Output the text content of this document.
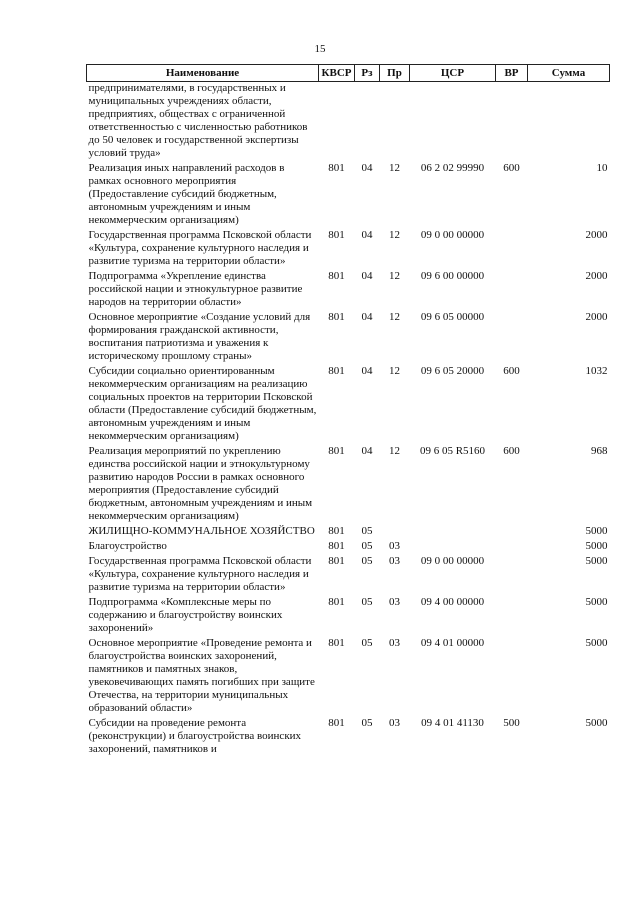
15
Наименование	КВСР	Рз	Пр	ЦСР	ВР	Сумма
предпринимателями, в государственных и муниципальных учреждениях области, предприятиях, обществах с ограниченной ответственностью с численностью работников до 50 человек и государственной экспертизы условий труда»						
Реализация иных направлений расходов в рамках основного мероприятия (Предоставление субсидий бюджетным, автономным учреждениям и иным некоммерческим организациям)	801	04	12	06 2 02 99990	600	10
Государственная программа Псковской области «Культура, сохранение культурного наследия и развитие туризма на территории области»	801	04	12	09 0 00 00000		2000
Подпрограмма «Укрепление единства российской нации и этнокультурное развитие народов на территории области»	801	04	12	09 6 00 00000		2000
Основное мероприятие «Создание условий для формирования гражданской активности, воспитания патриотизма и уважения к историческому прошлому страны»	801	04	12	09 6 05 00000		2000
Субсидии социально ориентированным некоммерческим организациям на реализацию социальных проектов на территории Псковской области (Предоставление субсидий бюджетным, автономным учреждениям и иным некоммерческим организациям)	801	04	12	09 6 05 20000	600	1032
Реализация мероприятий по укреплению единства российской нации и этнокультурному развитию народов России в рамках основного мероприятия (Предоставление субсидий бюджетным, автономным учреждениям и иным некоммерческим организациям)	801	04	12	09 6 05 R5160	600	968
ЖИЛИЩНО-КОММУНАЛЬНОЕ ХОЗЯЙСТВО	801	05				5000
Благоустройство	801	05	03			5000
Государственная программа Псковской области «Культура, сохранение культурного наследия и развитие туризма на территории области»	801	05	03	09 0 00 00000		5000
Подпрограмма «Комплексные меры по содержанию и благоустройству воинских захоронений»	801	05	03	09 4 00 00000		5000
Основное мероприятие «Проведение ремонта и благоустройства воинских захоронений, памятников и памятных знаков, увековечивающих память погибших при защите Отечества, на территории муниципальных образований области»	801	05	03	09 4 01 00000		5000
Субсидии на проведение ремонта (реконструкции) и благоустройства воинских захоронений, памятников и	801	05	03	09 4 01 41130	500	5000
